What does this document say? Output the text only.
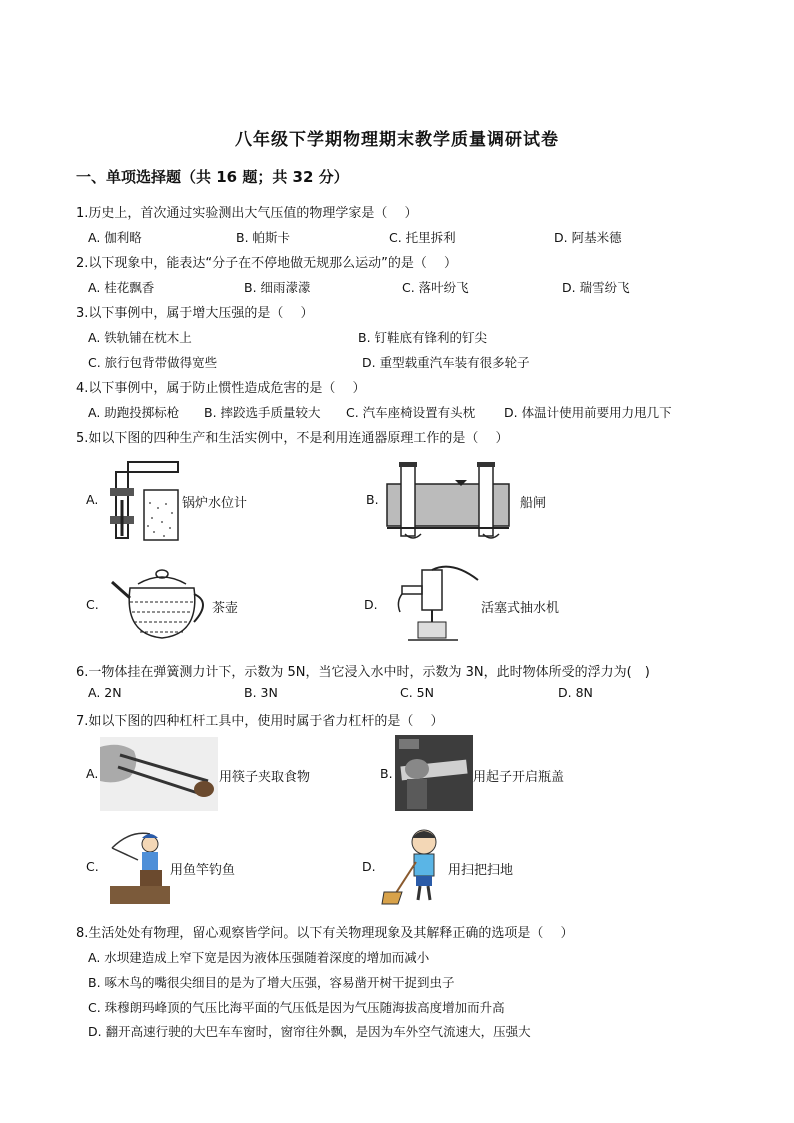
八年级下学期物理期末教学质量调研试卷
一、单项选择题（共 16 题；共 32 分）
1.历史上，首次通过实验测出大气压值的物理学家是（　 ）
A. 伽利略	B. 帕斯卡	C. 托里拆利	D. 阿基米德
2.以下现象中，能表达“分子在不停地做无规那么运动”的是（　 ）
A. 桂花飘香	B. 细雨濛濛	C. 落叶纷飞	D. 瑞雪纷飞
3.以下事例中，属于增大压强的是（　 ）
A. 铁轨铺在枕木上	B. 钉鞋底有锋利的钉尖
C. 旅行包背带做得宽些	D. 重型载重汽车装有很多轮子
4.以下事例中，属于防止惯性造成危害的是（　 ）
A. 助跑投掷标枪 B. 摔跤选手质量较大 C. 汽车座椅设置有头枕 D. 体温计使用前要用力甩几下
5.如以下图的四种生产和生活实例中，不是利用连通器原理工作的是（　 ）
A.	锅炉水位计	B.	船闸
C.	茶壶	D.	活塞式抽水机
6.一物体挂在弹簧测力计下，示数为 5N，当它浸入水中时，示数为 3N，此时物体所受的浮力为(　)
A. 2N	B. 3N	C. 5N	D. 8N
7.如以下图的四种杠杆工具中，使用时属于省力杠杆的是（　 ）
A.	用筷子夹取食物	B.	用起子开启瓶盖
C.	用鱼竿钓鱼	D.	用扫把扫地
8.生活处处有物理，留心观察皆学问。以下有关物理现象及其解释正确的选项是（　 ）
A. 水坝建造成上窄下宽是因为液体压强随着深度的增加而减小
B. 啄木鸟的嘴很尖细目的是为了增大压强，容易凿开树干捉到虫子
C. 珠穆朗玛峰顶的气压比海平面的气压低是因为气压随海拔高度增加而升高
D. 翻开高速行驶的大巴车车窗时，窗帘往外飘，是因为车外空气流速大，压强大
